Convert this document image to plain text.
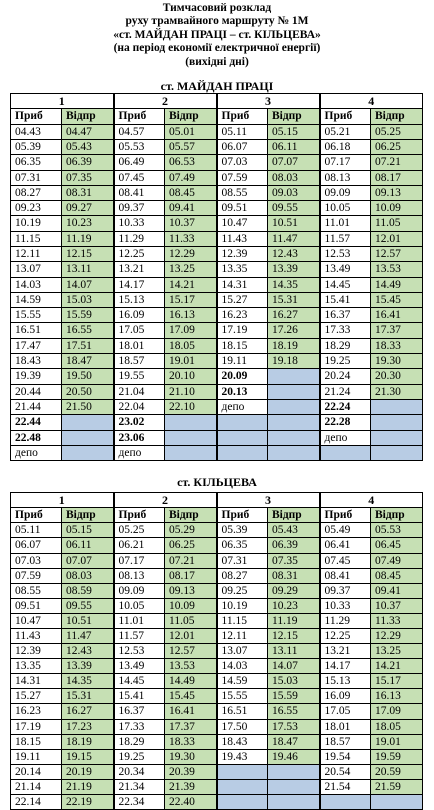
Тимчасовий розклад
руху трамвайного маршруту № 1М
«ст. МАЙДАН ПРАЦІ – ст. КІЛЬЦЕВА»
(на період економії електричної енергії)
(вихідні дні)
ст. МАЙДАН ПРАЦІ
1		2		3		4	
Приб	Відпр	Приб	Відпр	Приб	Відпр	Приб	Відпр
04.43	04.47	04.57	05.01	05.11	05.15	05.21	05.25
05.39	05.43	05.53	05.57	06.07	06.11	06.18	06.25
06.35	06.39	06.49	06.53	07.03	07.07	07.17	07.21
07.31	07.35	07.45	07.49	07.59	08.03	08.13	08.17
08.27	08.31	08.41	08.45	08.55	09.03	09.09	09.13
09.23	09.27	09.37	09.41	09.51	09.55	10.05	10.09
10.19	10.23	10.33	10.37	10.47	10.51	11.01	11.05
11.15	11.19	11.29	11.33	11.43	11.47	11.57	12.01
12.11	12.15	12.25	12.29	12.39	12.43	12.53	12.57
13.07	13.11	13.21	13.25	13.35	13.39	13.49	13.53
14.03	14.07	14.17	14.21	14.31	14.35	14.45	14.49
14.59	15.03	15.13	15.17	15.27	15.31	15.41	15.45
15.55	15.59	16.09	16.13	16.23	16.27	16.37	16.41
16.51	16.55	17.05	17.09	17.19	17.26	17.33	17.37
17.47	17.51	18.01	18.05	18.15	18.19	18.29	18.33
18.43	18.47	18.57	19.01	19.11	19.18	19.25	19.30
19.39	19.50	19.55	20.10	20.09		20.24	20.30
20.44	20.50	21.04	21.10	20.13		21.24	21.30
21.44	21.50	22.04	22.10	депо		22.24	
22.44		23.02				22.28	
22.48		23.06				депо	
депо		депо					
ст. КІЛЬЦЕВА
1		2		3		4	
Приб	Відпр	Приб	Відпр	Приб	Відпр	Приб	Відпр
05.11	05.15	05.25	05.29	05.39	05.43	05.49	05.53
06.07	06.11	06.21	06.25	06.35	06.39	06.41	06.45
07.03	07.07	07.17	07.21	07.31	07.35	07.45	07.49
07.59	08.03	08.13	08.17	08.27	08.31	08.41	08.45
08.55	08.59	09.09	09.13	09.25	09.29	09.37	09.41
09.51	09.55	10.05	10.09	10.19	10.23	10.33	10.37
10.47	10.51	11.01	11.05	11.15	11.19	11.29	11.33
11.43	11.47	11.57	12.01	12.11	12.15	12.25	12.29
12.39	12.43	12.53	12.57	13.07	13.11	13.21	13.25
13.35	13.39	13.49	13.53	14.03	14.07	14.17	14.21
14.31	14.35	14.45	14.49	14.59	15.03	15.13	15.17
15.27	15.31	15.41	15.45	15.55	15.59	16.09	16.13
16.23	16.27	16.37	16.41	16.51	16.55	17.05	17.09
17.19	17.23	17.33	17.37	17.50	17.53	18.01	18.05
18.15	18.19	18.29	18.33	18.43	18.47	18.57	19.01
19.11	19.15	19.25	19.30	19.43	19.46	19.54	19.59
20.14	20.19	20.34	20.39			20.54	20.59
21.14	21.19	21.34	21.39			21.54	21.59
22.14	22.19	22.34	22.40				
